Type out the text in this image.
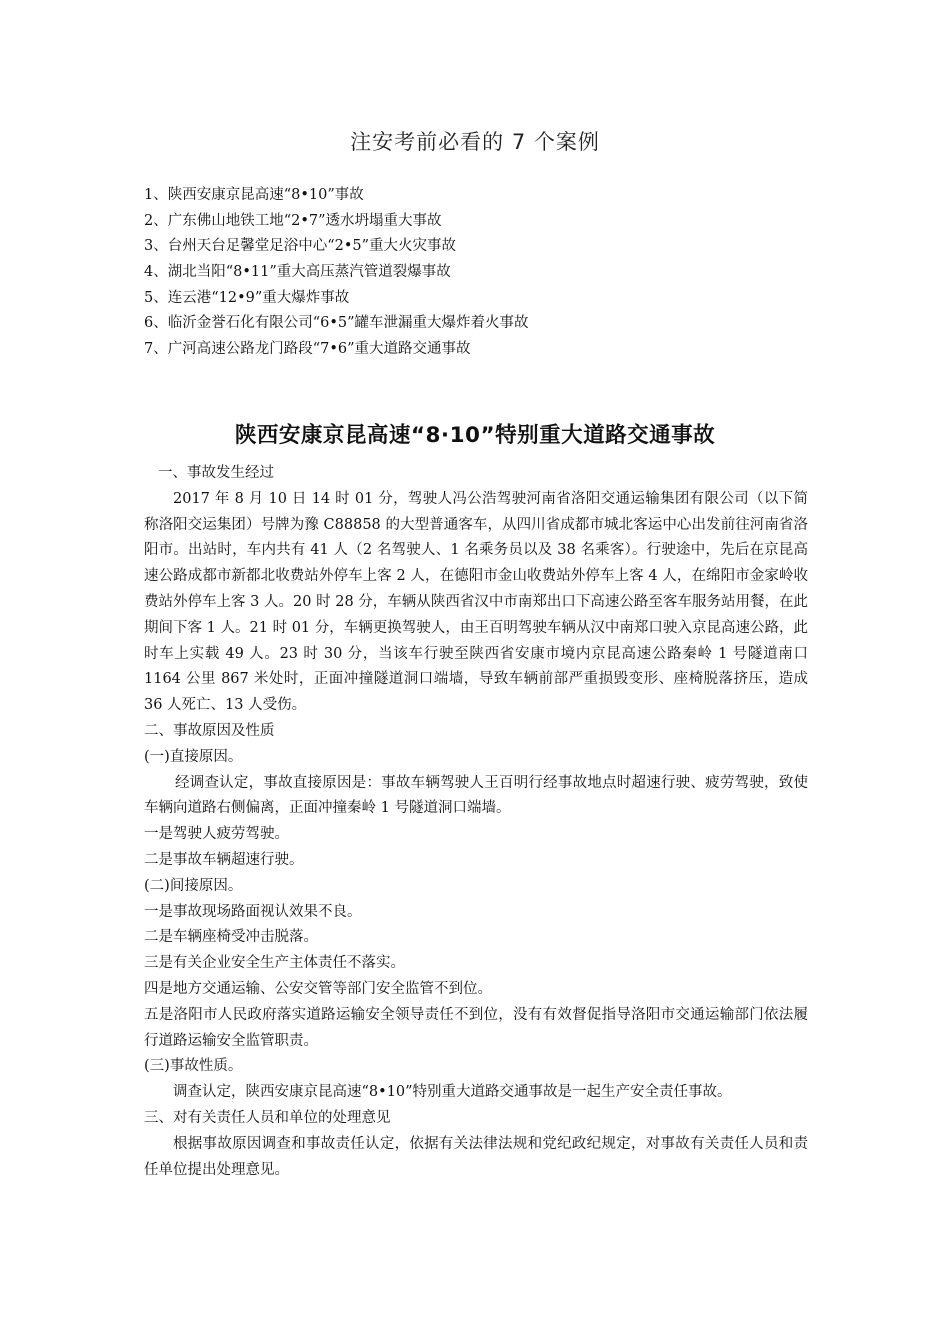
注安考前必看的 7 个案例
1、陕西安康京昆高速“8•10”事故
2、广东佛山地铁工地“2•7”透水坍塌重大事故
3、台州天台足馨堂足浴中心“2•5”重大火灾事故
4、湖北当阳“8•11”重大高压蒸汽管道裂爆事故
5、连云港“12•9”重大爆炸事故
6、临沂金誉石化有限公司“6•5”罐车泄漏重大爆炸着火事故
7、广河高速公路龙门路段“7•6”重大道路交通事故
陕西安康京昆高速“8·10”特别重大道路交通事故

一、事故发生经过

2017 年 8 月 10 日 14 时 01 分，驾驶人冯公浩驾驶河南省洛阳交通运输集团有限公司（以下简称洛阳交运集团）号牌为豫 C88858 的大型普通客车，从四川省成都市城北客运中心出发前往河南省洛阳市。出站时，车内共有 41 人（2 名驾驶人、1 名乘务员以及 38 名乘客）。行驶途中，先后在京昆高速公路成都市新都北收费站外停车上客 2 人，在德阳市金山收费站外停车上客 4 人，在绵阳市金家岭收费站外停车上客 3 人。20 时 28 分，车辆从陕西省汉中市南郑出口下高速公路至客车服务站用餐，在此期间下客 1 人。21 时 01 分，车辆更换驾驶人，由王百明驾驶车辆从汉中南郑口驶入京昆高速公路，此时车上实载 49 人。23 时 30 分，当该车行驶至陕西省安康市境内京昆高速公路秦岭 1 号隧道南口 1164 公里 867 米处时，正面冲撞隧道洞口端墙，导致车辆前部严重损毁变形、座椅脱落挤压，造成 36 人死亡、13 人受伤。

二、事故原因及性质

(一)直接原因。

经调查认定，事故直接原因是：事故车辆驾驶人王百明行经事故地点时超速行驶、疲劳驾驶，致使车辆向道路右侧偏离，正面冲撞秦岭 1 号隧道洞口端墙。

一是驾驶人疲劳驾驶。

二是事故车辆超速行驶。

(二)间接原因。

一是事故现场路面视认效果不良。

二是车辆座椅受冲击脱落。

三是有关企业安全生产主体责任不落实。

四是地方交通运输、公安交管等部门安全监管不到位。

五是洛阳市人民政府落实道路运输安全领导责任不到位，没有有效督促指导洛阳市交通运输部门依法履行道路运输安全监管职责。

(三)事故性质。

调查认定，陕西安康京昆高速“8•10”特别重大道路交通事故是一起生产安全责任事故。

三、对有关责任人员和单位的处理意见

根据事故原因调查和事故责任认定，依据有关法律法规和党纪政纪规定，对事故有关责任人员和责任单位提出处理意见。
